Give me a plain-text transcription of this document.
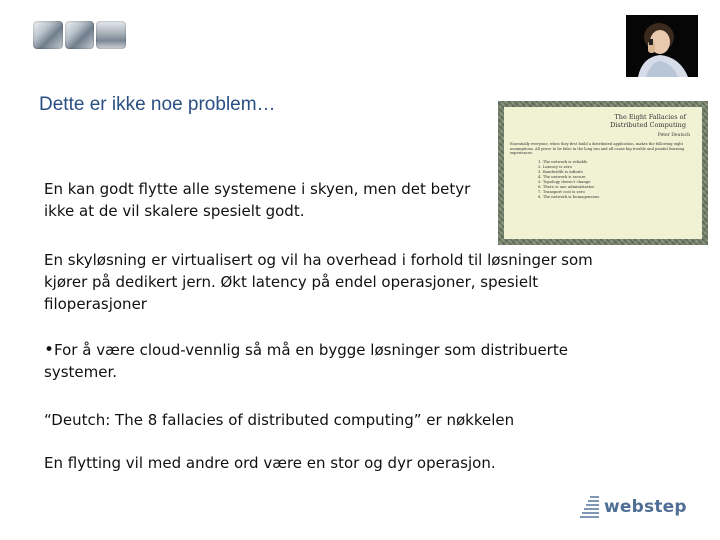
Dette er ikke noe problem…
The Eight Fallacies of
Distributed Computing
Peter Deutsch
Essentially everyone, when they first build a distributed application, makes the following eight assumptions. All prove to be false in the long run and all cause big trouble and painful learning experiences.
1. The network is reliable
2. Latency is zero
3. Bandwidth is infinite
4. The network is secure
5. Topology doesn't change
6. There is one administrator
7. Transport cost is zero
8. The network is homogeneous
En kan godt flytte alle systemene i skyen, men det betyr ikke at de vil skalere spesielt godt.
En skyløsning er virtualisert og vil ha overhead i forhold til løsninger som kjører på dedikert jern. Økt latency på endel operasjoner, spesielt filoperasjoner
•For å være cloud-vennlig så må en bygge løsninger som distribuerte systemer.
“Deutch: The 8 fallacies of distributed computing” er nøkkelen
En flytting vil med andre ord være en stor og dyr operasjon.
webstep
